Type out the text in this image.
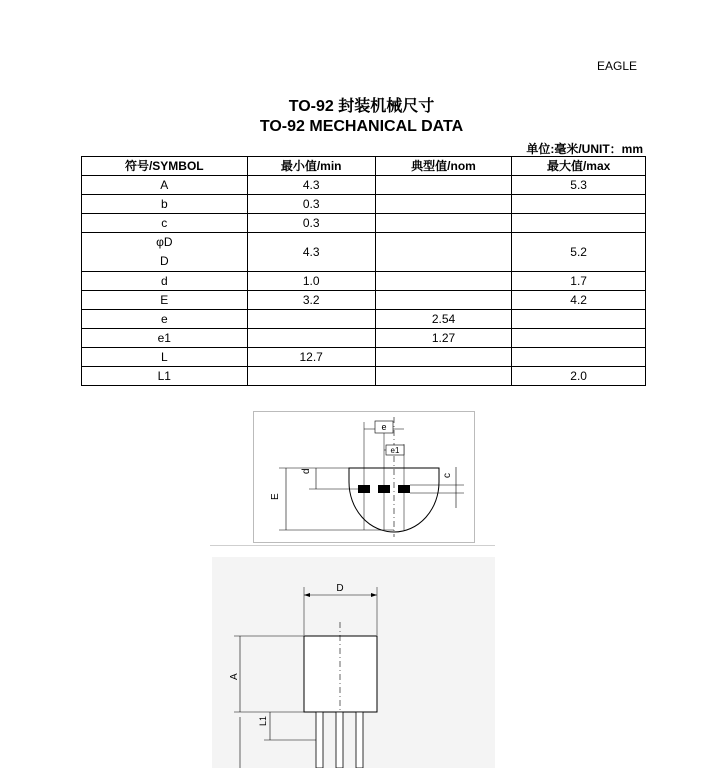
EAGLE
TO-92 封装机械尺寸
TO-92 MECHANICAL DATA
单位:毫米/UNIT：mm
符号/SYMBOL	最小值/min	典型值/nom	最大值/max
A	4.3		5.3
b	0.3		
c	0.3		

φD
D	4.3		5.2
d	1.0		1.7
E	3.2		4.2
e		2.54	
e1		1.27	
L	12.7		
L1			2.0
e
e1
d
E
c
D
A
L1
